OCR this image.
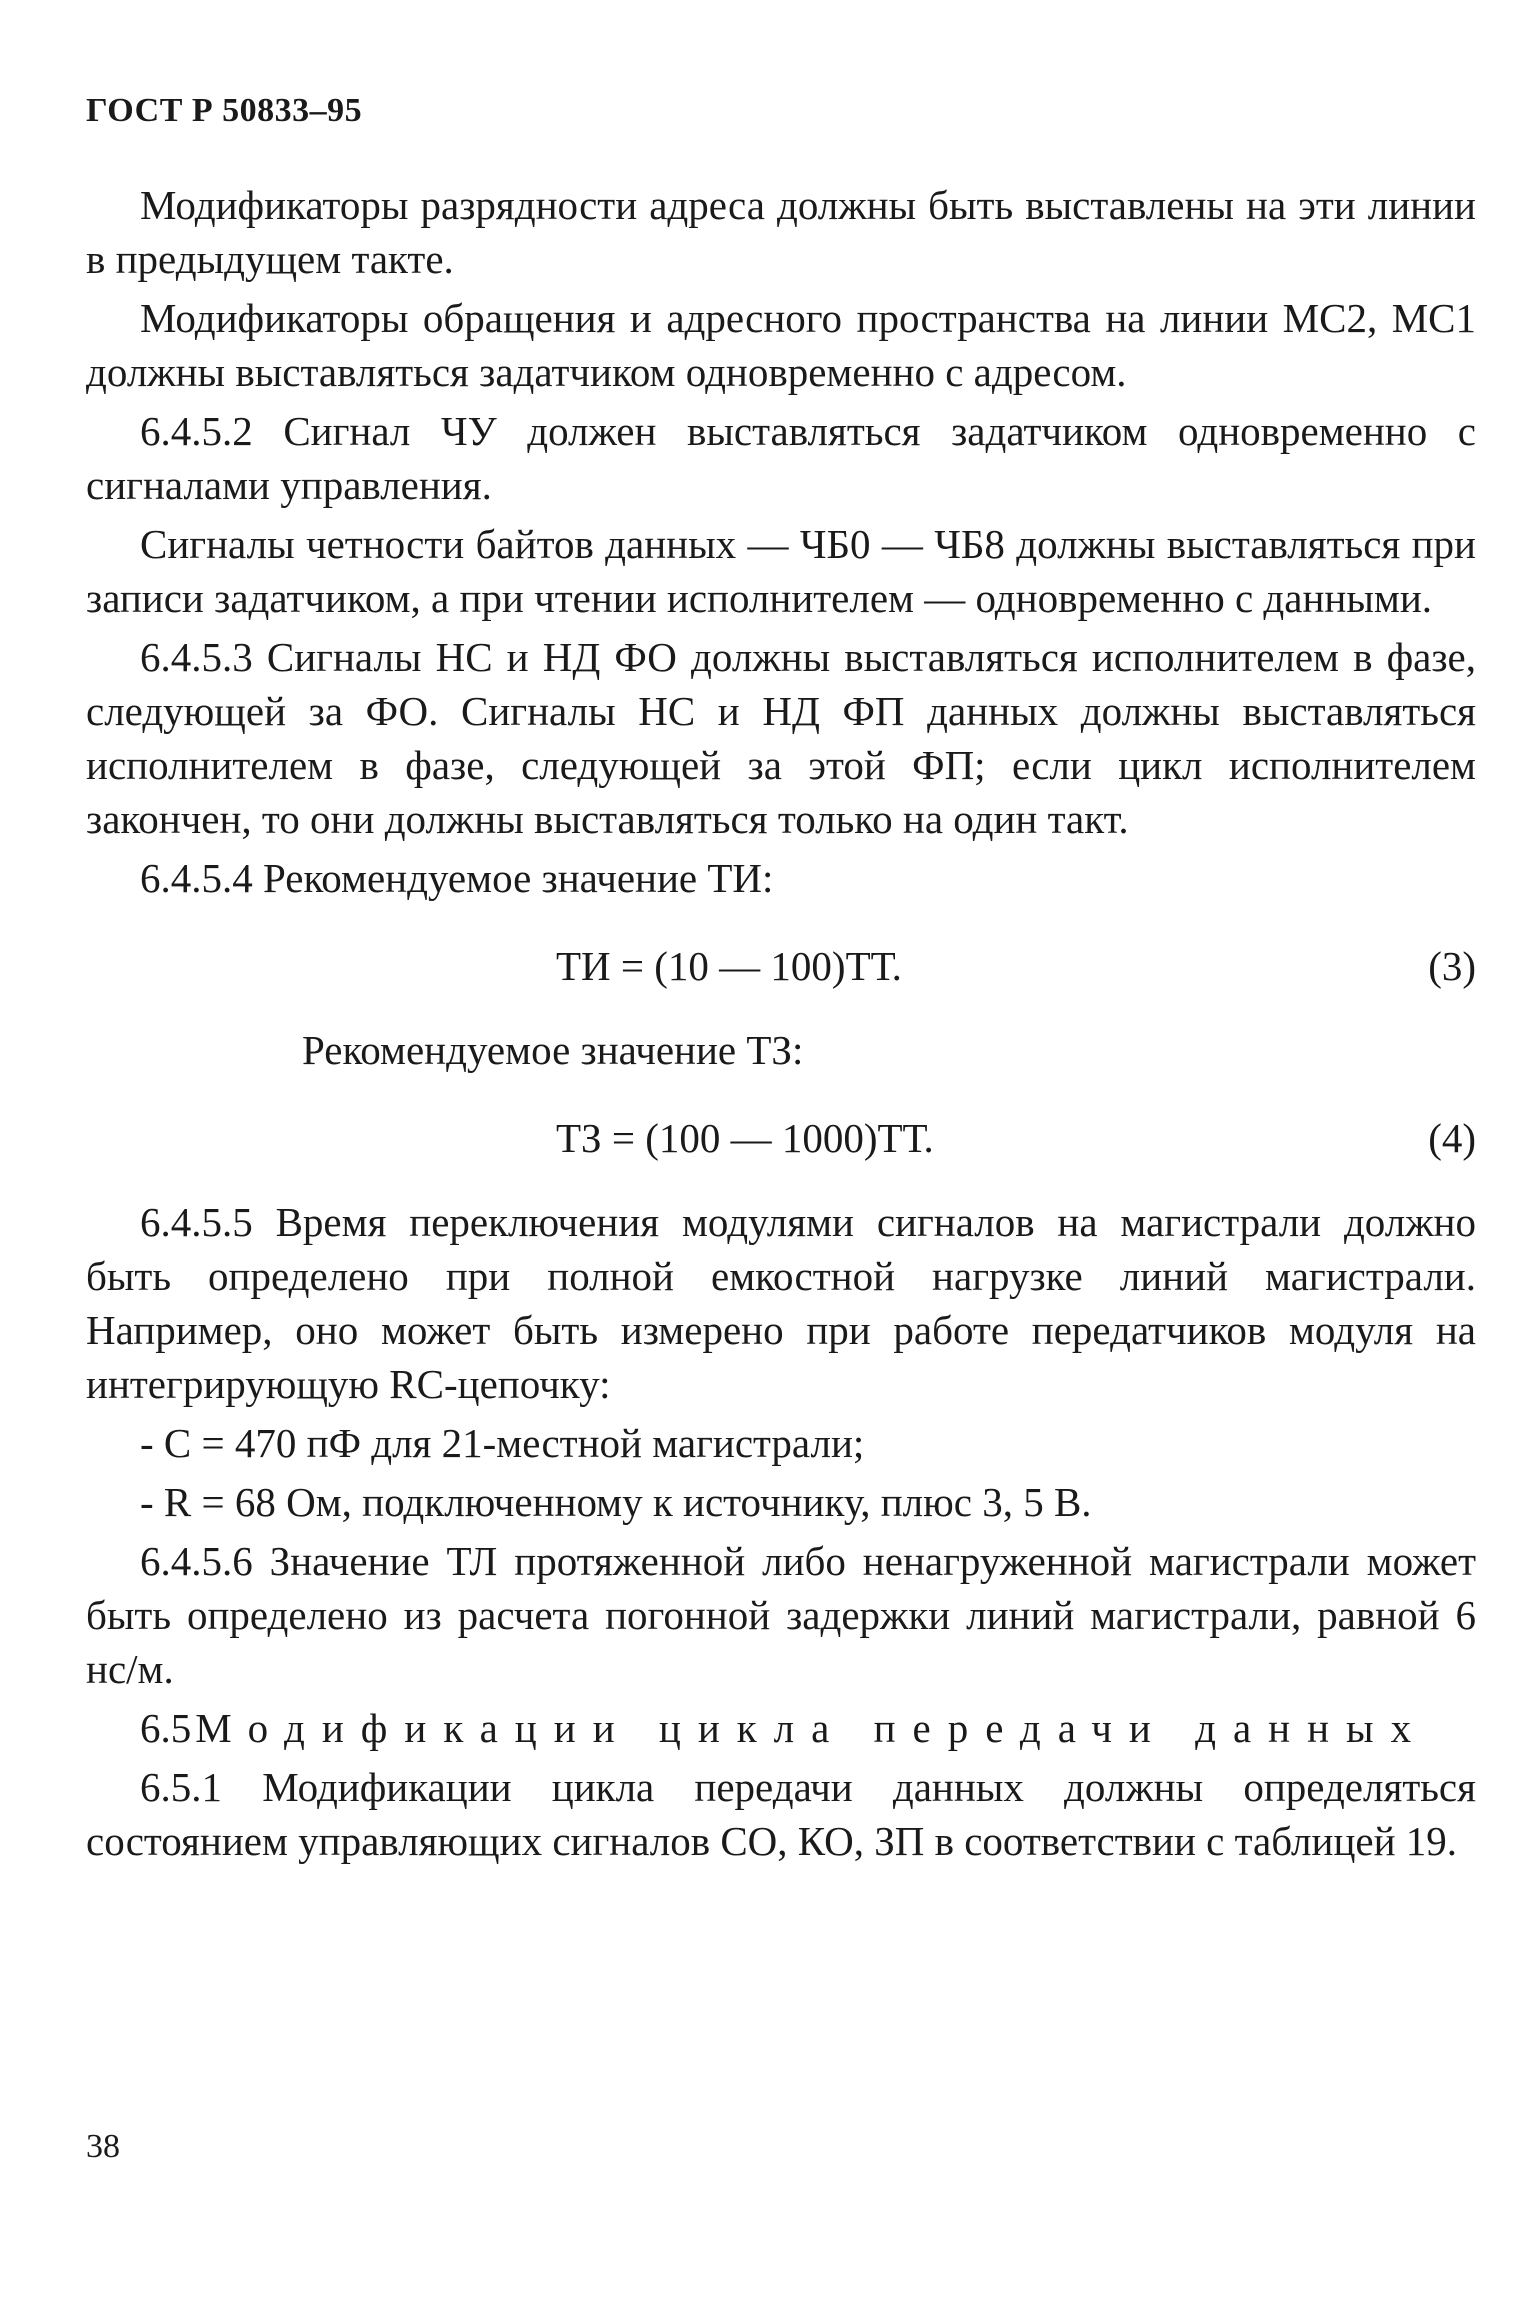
ГОСТ Р 50833–95

Модификаторы разрядности адреса должны быть выставлены на эти линии в предыдущем такте.

Модификаторы обращения и адресного пространства на линии МС2, МС1 должны выставляться задатчиком одновременно с адресом.

6.4.5.2 Сигнал ЧУ должен выставляться задатчиком одновременно с сигналами управления.

Сигналы четности байтов данных — ЧБ0 — ЧБ8 должны выставляться при записи задатчиком, а при чтении исполнителем — одновременно с данными.

6.4.5.3 Сигналы НС и НД ФО должны выставляться исполнителем в фазе, следующей за ФО. Сигналы НС и НД ФП данных должны выставляться исполнителем в фазе, следующей за этой ФП; если цикл исполнителем закончен, то они должны выставляться только на один такт.

6.4.5.4 Рекомендуемое значение ТИ:

ТИ = (10 — 100)ТТ.	(3)

Рекомендуемое значение ТЗ:

ТЗ = (100 — 1000)ТТ.	(4)

6.4.5.5 Время переключения модулями сигналов на магистрали должно быть определено при полной емкостной нагрузке линий магистрали. Например, оно может быть измерено при работе передатчиков модуля на интегрирующую RC-цепочку:

- С = 470 пФ для 21-местной магистрали;

- R = 68 Ом, подключенному к источнику, плюс 3, 5 В.

6.4.5.6 Значение ТЛ протяженной либо ненагруженной магистрали может быть определено из расчета погонной задержки линий магистрали, равной 6 нс/м.

6.5Модификации цикла передачи данных

6.5.1 Модификации цикла передачи данных должны определяться состоянием управляющих сигналов СО, КО, ЗП в соответствии с таблицей 19.

38
